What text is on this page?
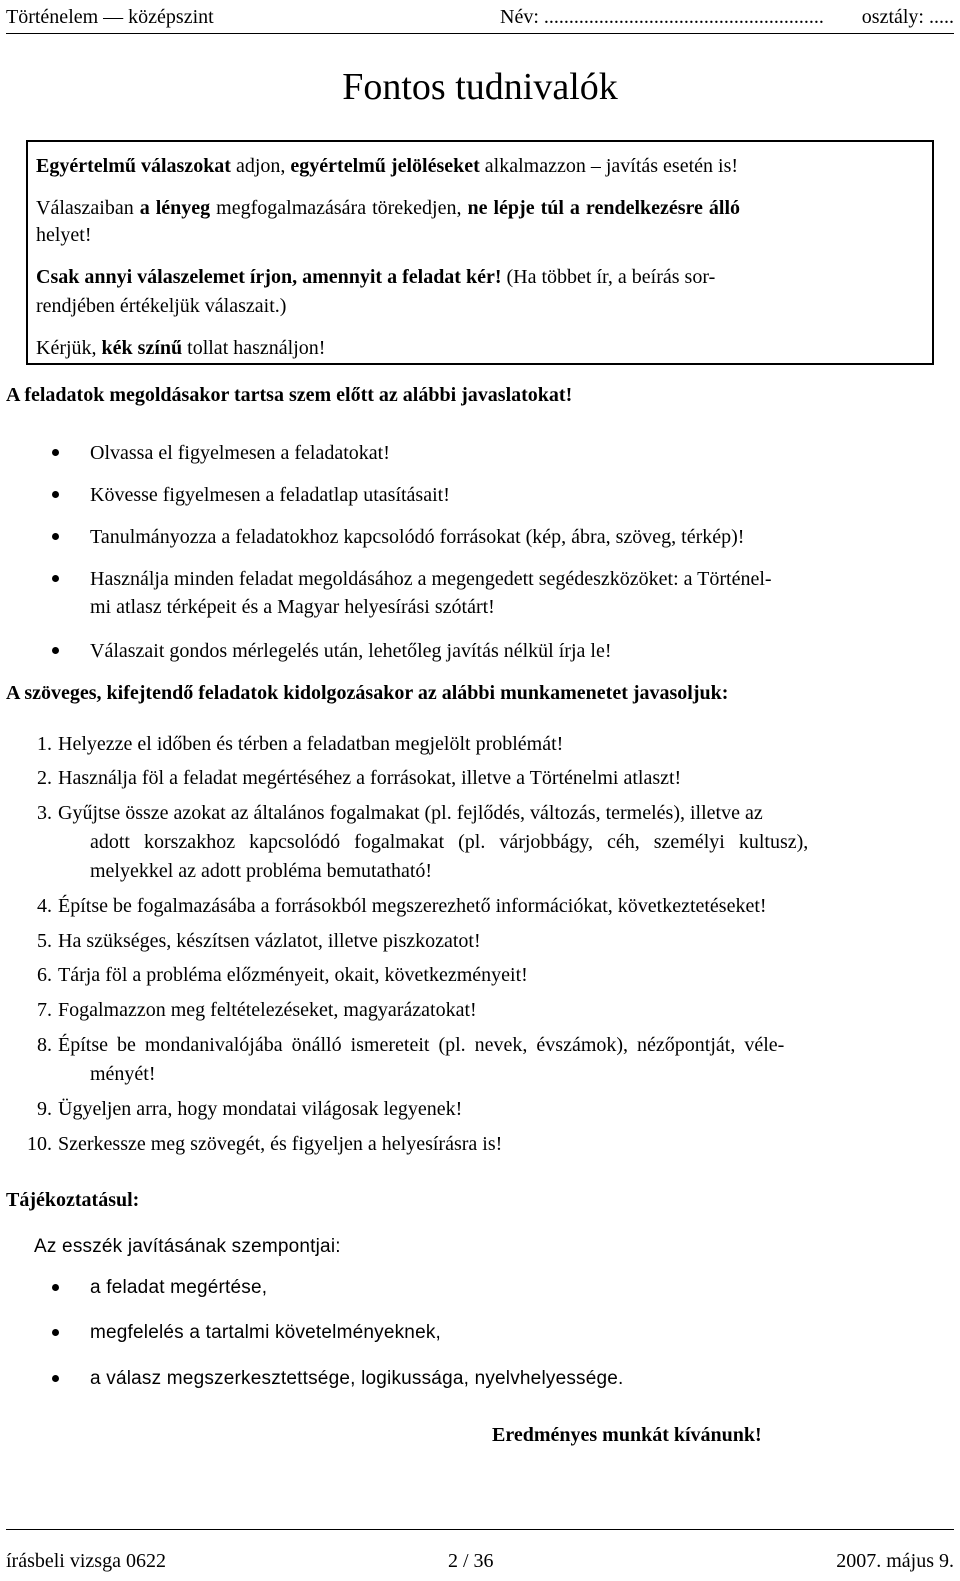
Történelem — középszint	Név: ........................................................ osztály: .....
Fontos tudnivalók
Egyértelmű válaszokat adjon, egyértelmű jelöléseket alkalmazzon – javítás esetén is!
Válaszaiban a lényeg megfogalmazására törekedjen, ne lépje túl a rendelkezésre álló
helyet!
Csak annyi válaszelemet írjon, amennyit a feladat kér! (Ha többet ír, a beírás sor-
rendjében értékeljük válaszait.)
Kérjük, kék színű tollat használjon!
A feladatok megoldásakor tartsa szem előtt az alábbi javaslatokat!
Olvassa el figyelmesen a feladatokat!
Kövesse figyelmesen a feladatlap utasításait!
Tanulmányozza a feladatokhoz kapcsolódó forrásokat (kép, ábra, szöveg, térkép)!
Használja minden feladat megoldásához a megengedett segédeszközöket: a Történel-
mi atlasz térképeit és a Magyar helyesírási szótárt!
Válaszait gondos mérlegelés után, lehetőleg javítás nélkül írja le!
A szöveges, kifejtendő feladatok kidolgozásakor az alábbi munkamenetet javasoljuk:
1. Helyezze el időben és térben a feladatban megjelölt problémát!
2. Használja föl a feladat megértéséhez a forrásokat, illetve a Történelmi atlaszt!
3. Gyűjtse össze azokat az általános fogalmakat (pl. fejlődés, változás, termelés), illetve az
adott korszakhoz kapcsolódó fogalmakat (pl. várjobbágy, céh, személyi kultusz),
melyekkel az adott probléma bemutatható!
4. Építse be fogalmazásába a forrásokból megszerezhető információkat, következtetéseket!
5. Ha szükséges, készítsen vázlatot, illetve piszkozatot!
6. Tárja föl a probléma előzményeit, okait, következményeit!
7. Fogalmazzon meg feltételezéseket, magyarázatokat!
8. Építse be mondanivalójába önálló ismereteit (pl. nevek, évszámok), nézőpontját, véle-
ményét!
9. Ügyeljen arra, hogy mondatai világosak legyenek!
10. Szerkessze meg szövegét, és figyeljen a helyesírásra is!
Tájékoztatásul:
Az esszék javításának szempontjai:
a feladat megértése,
megfelelés a tartalmi követelményeknek,
a válasz megszerkesztettsége, logikussága, nyelvhelyessége.
Eredményes munkát kívánunk!
írásbeli vizsga 0622	2 / 36	2007. május 9.
